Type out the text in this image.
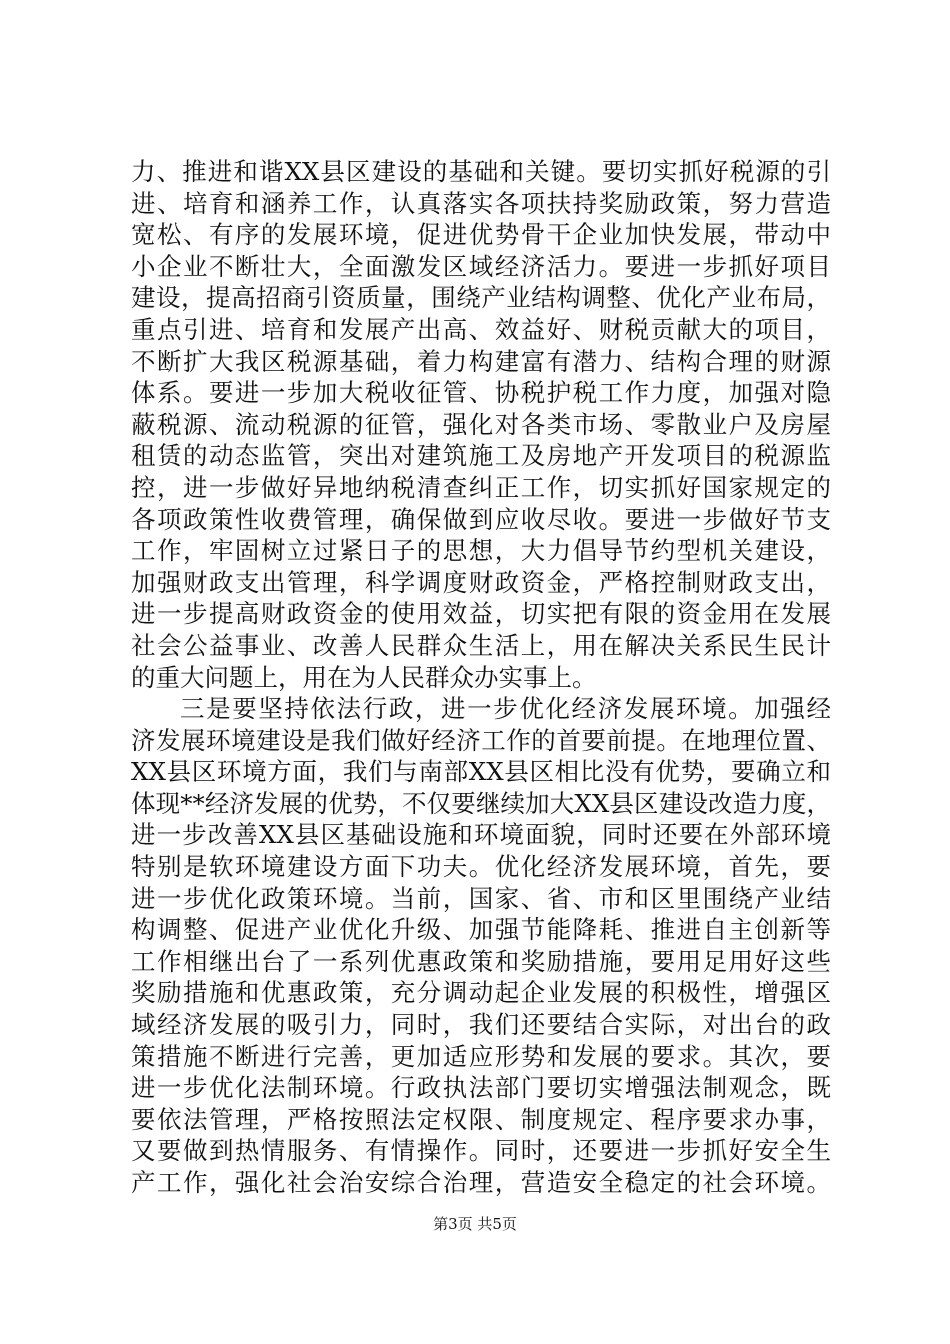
力、推进和谐XX县区建设的基础和关键。要切实抓好税源的引
进、培育和涵养工作，认真落实各项扶持奖励政策，努力营造
宽松、有序的发展环境，促进优势骨干企业加快发展，带动中
小企业不断壮大，全面激发区域经济活力。要进一步抓好项目
建设，提高招商引资质量，围绕产业结构调整、优化产业布局，
重点引进、培育和发展产出高、效益好、财税贡献大的项目，
不断扩大我区税源基础，着力构建富有潜力、结构合理的财源
体系。要进一步加大税收征管、协税护税工作力度，加强对隐
蔽税源、流动税源的征管，强化对各类市场、零散业户及房屋
租赁的动态监管，突出对建筑施工及房地产开发项目的税源监
控，进一步做好异地纳税清查纠正工作，切实抓好国家规定的
各项政策性收费管理，确保做到应收尽收。要进一步做好节支
工作，牢固树立过紧日子的思想，大力倡导节约型机关建设，
加强财政支出管理，科学调度财政资金，严格控制财政支出，
进一步提高财政资金的使用效益，切实把有限的资金用在发展
社会公益事业、改善人民群众生活上，用在解决关系民生民计
的重大问题上，用在为人民群众办实事上。
三是要坚持依法行政，进一步优化经济发展环境。加强经
济发展环境建设是我们做好经济工作的首要前提。在地理位置、
XX县区环境方面，我们与南部XX县区相比没有优势，要确立和
体现**经济发展的优势，不仅要继续加大XX县区建设改造力度，
进一步改善XX县区基础设施和环境面貌，同时还要在外部环境
特别是软环境建设方面下功夫。优化经济发展环境，首先，要
进一步优化政策环境。当前，国家、省、市和区里围绕产业结
构调整、促进产业优化升级、加强节能降耗、推进自主创新等
工作相继出台了一系列优惠政策和奖励措施，要用足用好这些
奖励措施和优惠政策，充分调动起企业发展的积极性，增强区
域经济发展的吸引力，同时，我们还要结合实际，对出台的政
策措施不断进行完善，更加适应形势和发展的要求。其次，要
进一步优化法制环境。行政执法部门要切实增强法制观念，既
要依法管理，严格按照法定权限、制度规定、程序要求办事，
又要做到热情服务、有情操作。同时，还要进一步抓好安全生
产工作，强化社会治安综合治理，营造安全稳定的社会环境。
第3页 共5页
